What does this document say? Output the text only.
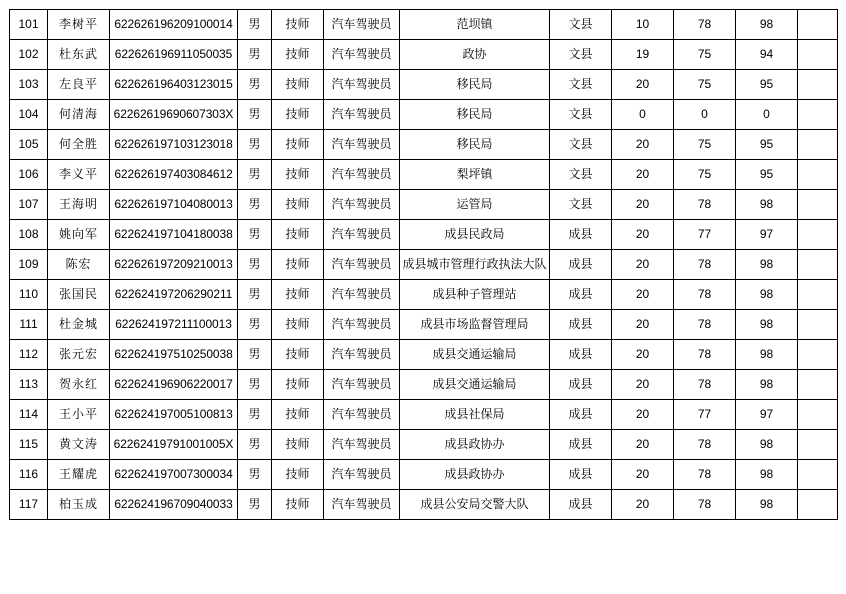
101	李树平	622626196209100014	男	技师	汽车驾驶员	范坝镇	文县	10	78	98	
102	杜东武	622626196911050035	男	技师	汽车驾驶员	政协	文县	19	75	94	
103	左良平	622626196403123015	男	技师	汽车驾驶员	移民局	文县	20	75	95	
104	何清海	62262619690607303X	男	技师	汽车驾驶员	移民局	文县	0	0	0	
105	何全胜	622626197103123018	男	技师	汽车驾驶员	移民局	文县	20	75	95	
106	李义平	622626197403084612	男	技师	汽车驾驶员	梨坪镇	文县	20	75	95	
107	王海明	622626197104080013	男	技师	汽车驾驶员	运管局	文县	20	78	98	
108	姚向军	622624197104180038	男	技师	汽车驾驶员	成县民政局	成县	20	77	97	
109	陈宏	622626197209210013	男	技师	汽车驾驶员	成县城市管理行政执法大队	成县	20	78	98	
110	张国民	622624197206290211	男	技师	汽车驾驶员	成县种子管理站	成县	20	78	98	
111	杜金城	622624197211100013	男	技师	汽车驾驶员	成县市场监督管理局	成县	20	78	98	
112	张元宏	622624197510250038	男	技师	汽车驾驶员	成县交通运输局	成县	20	78	98	
113	贺永红	622624196906220017	男	技师	汽车驾驶员	成县交通运输局	成县	20	78	98	
114	王小平	622624197005100813	男	技师	汽车驾驶员	成县社保局	成县	20	77	97	
115	黄文涛	62262419791001005X	男	技师	汽车驾驶员	成县政协办	成县	20	78	98	
116	王耀虎	622624197007300034	男	技师	汽车驾驶员	成县政协办	成县	20	78	98	
117	柏玉成	622624196709040033	男	技师	汽车驾驶员	成县公安局交警大队	成县	20	78	98	
